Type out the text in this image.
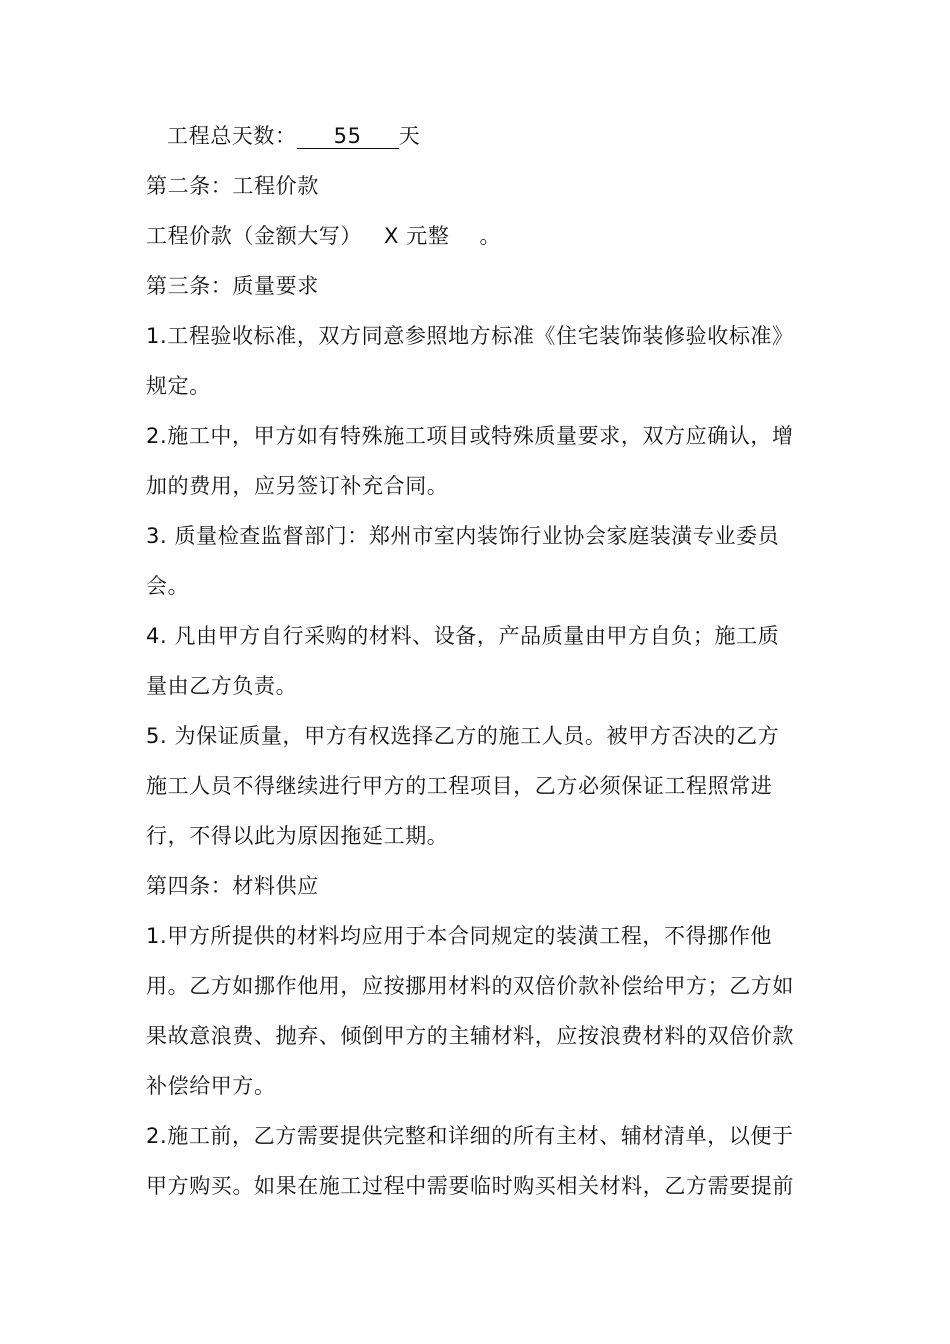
工程总天数： 55 天
第二条：工程价款
工程价款（金额大写） X 元整 。
第三条：质量要求
1.工程验收标准，双方同意参照地方标准《住宅装饰装修验收标准》
规定。
2.施工中，甲方如有特殊施工项目或特殊质量要求，双方应确认，增
加的费用，应另签订补充合同。
3. 质量检查监督部门：郑州市室内装饰行业协会家庭装潢专业委员
会。
4. 凡由甲方自行采购的材料、设备，产品质量由甲方自负；施工质
量由乙方负责。
5. 为保证质量，甲方有权选择乙方的施工人员。被甲方否决的乙方
施工人员不得继续进行甲方的工程项目，乙方必须保证工程照常进
行，不得以此为原因拖延工期。
第四条：材料供应
1.甲方所提供的材料均应用于本合同规定的装潢工程，不得挪作他
用。乙方如挪作他用，应按挪用材料的双倍价款补偿给甲方；乙方如
果故意浪费、抛弃、倾倒甲方的主辅材料，应按浪费材料的双倍价款
补偿给甲方。
2.施工前，乙方需要提供完整和详细的所有主材、辅材清单，以便于
甲方购买。如果在施工过程中需要临时购买相关材料，乙方需要提前
